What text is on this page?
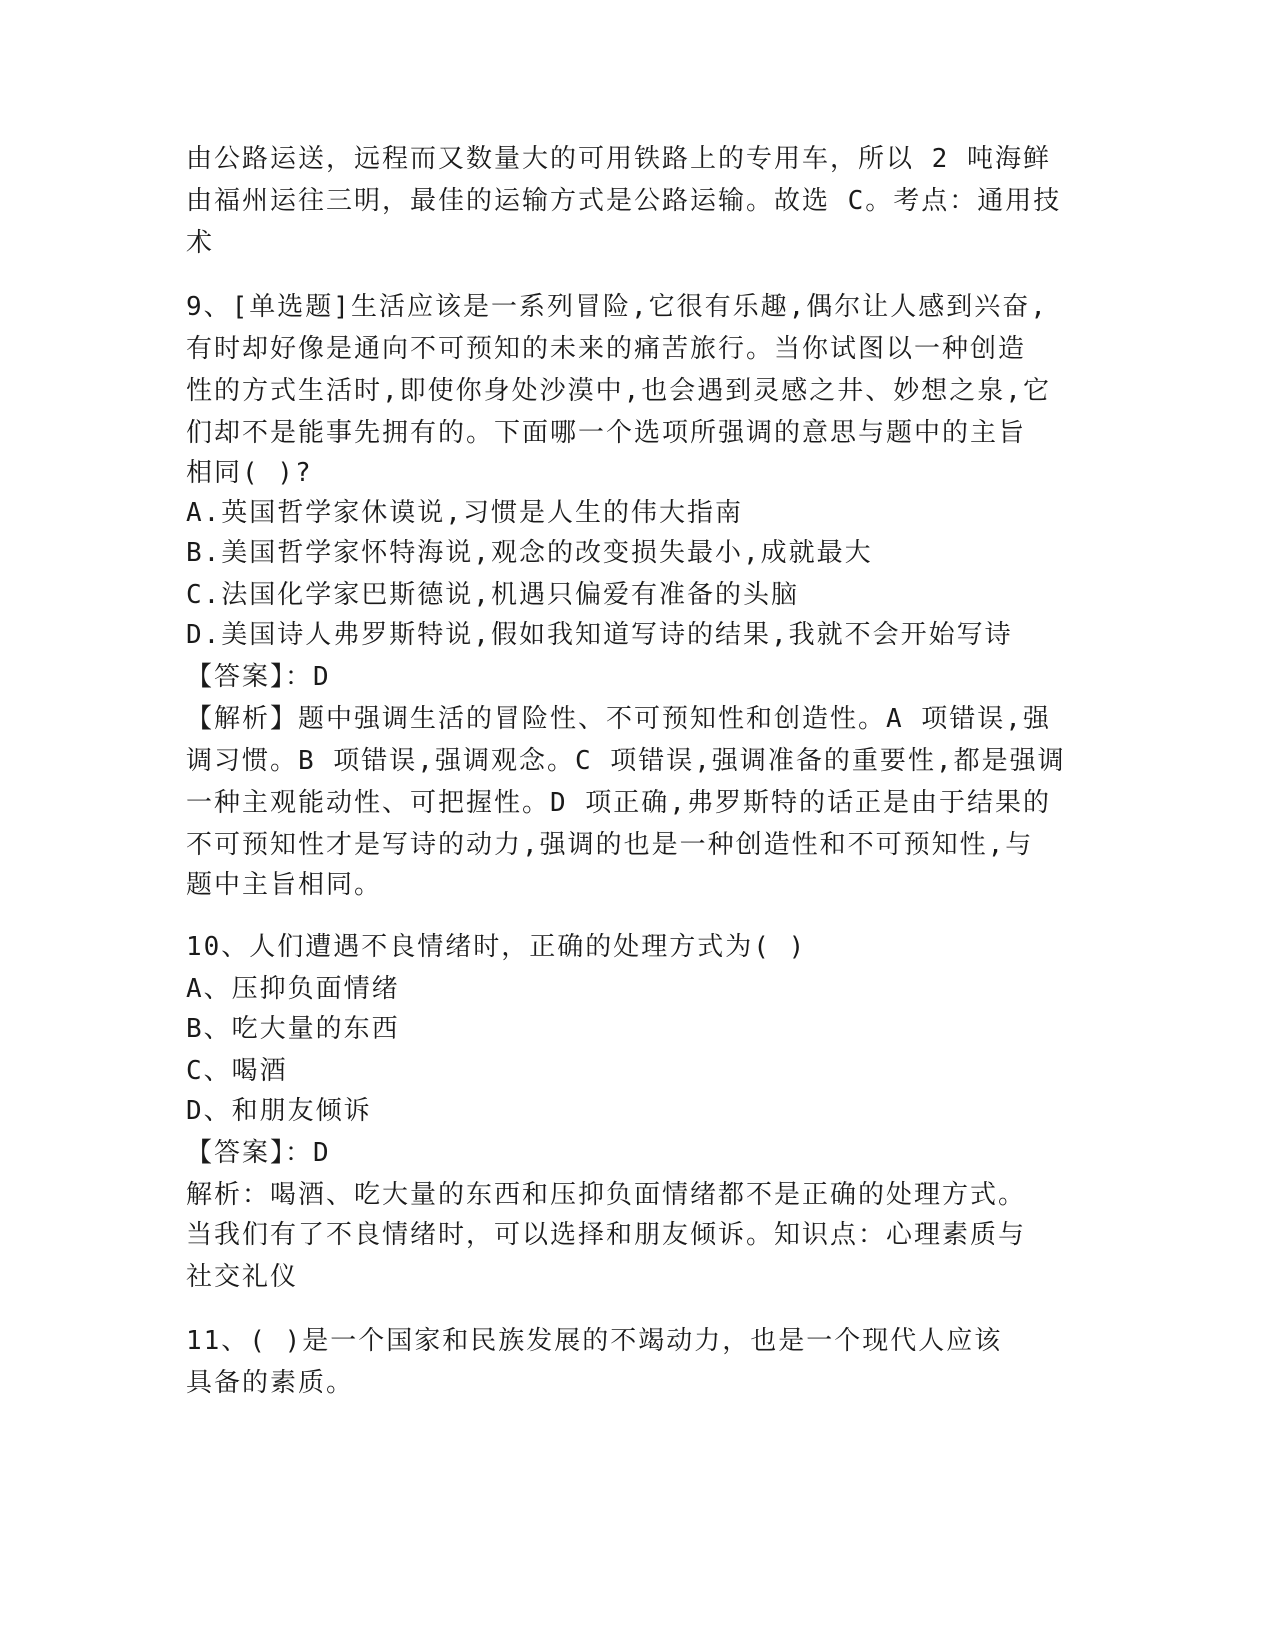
由公路运送，远程而又数量大的可用铁路上的专用车，所以 2 吨海鲜
由福州运往三明，最佳的运输方式是公路运输。故选 C。考点：通用技
术
9、[单选题]生活应该是一系列冒险,它很有乐趣,偶尔让人感到兴奋,
有时却好像是通向不可预知的未来的痛苦旅行。当你试图以一种创造
性的方式生活时,即使你身处沙漠中,也会遇到灵感之井、妙想之泉,它
们却不是能事先拥有的。下面哪一个选项所强调的意思与题中的主旨
相同( )?
A.英国哲学家休谟说,习惯是人生的伟大指南
B.美国哲学家怀特海说,观念的改变损失最小,成就最大
C.法国化学家巴斯德说,机遇只偏爱有准备的头脑
D.美国诗人弗罗斯特说,假如我知道写诗的结果,我就不会开始写诗
【答案】：D
【解析】题中强调生活的冒险性、不可预知性和创造性。A 项错误,强
调习惯。B 项错误,强调观念。C 项错误,强调准备的重要性,都是强调
一种主观能动性、可把握性。D 项正确,弗罗斯特的话正是由于结果的
不可预知性才是写诗的动力,强调的也是一种创造性和不可预知性,与
题中主旨相同。
10、人们遭遇不良情绪时，正确的处理方式为( )
A、压抑负面情绪
B、吃大量的东西
C、喝酒
D、和朋友倾诉
【答案】：D
解析：喝酒、吃大量的东西和压抑负面情绪都不是正确的处理方式。
当我们有了不良情绪时，可以选择和朋友倾诉。知识点：心理素质与
社交礼仪
11、( )是一个国家和民族发展的不竭动力，也是一个现代人应该
具备的素质。
